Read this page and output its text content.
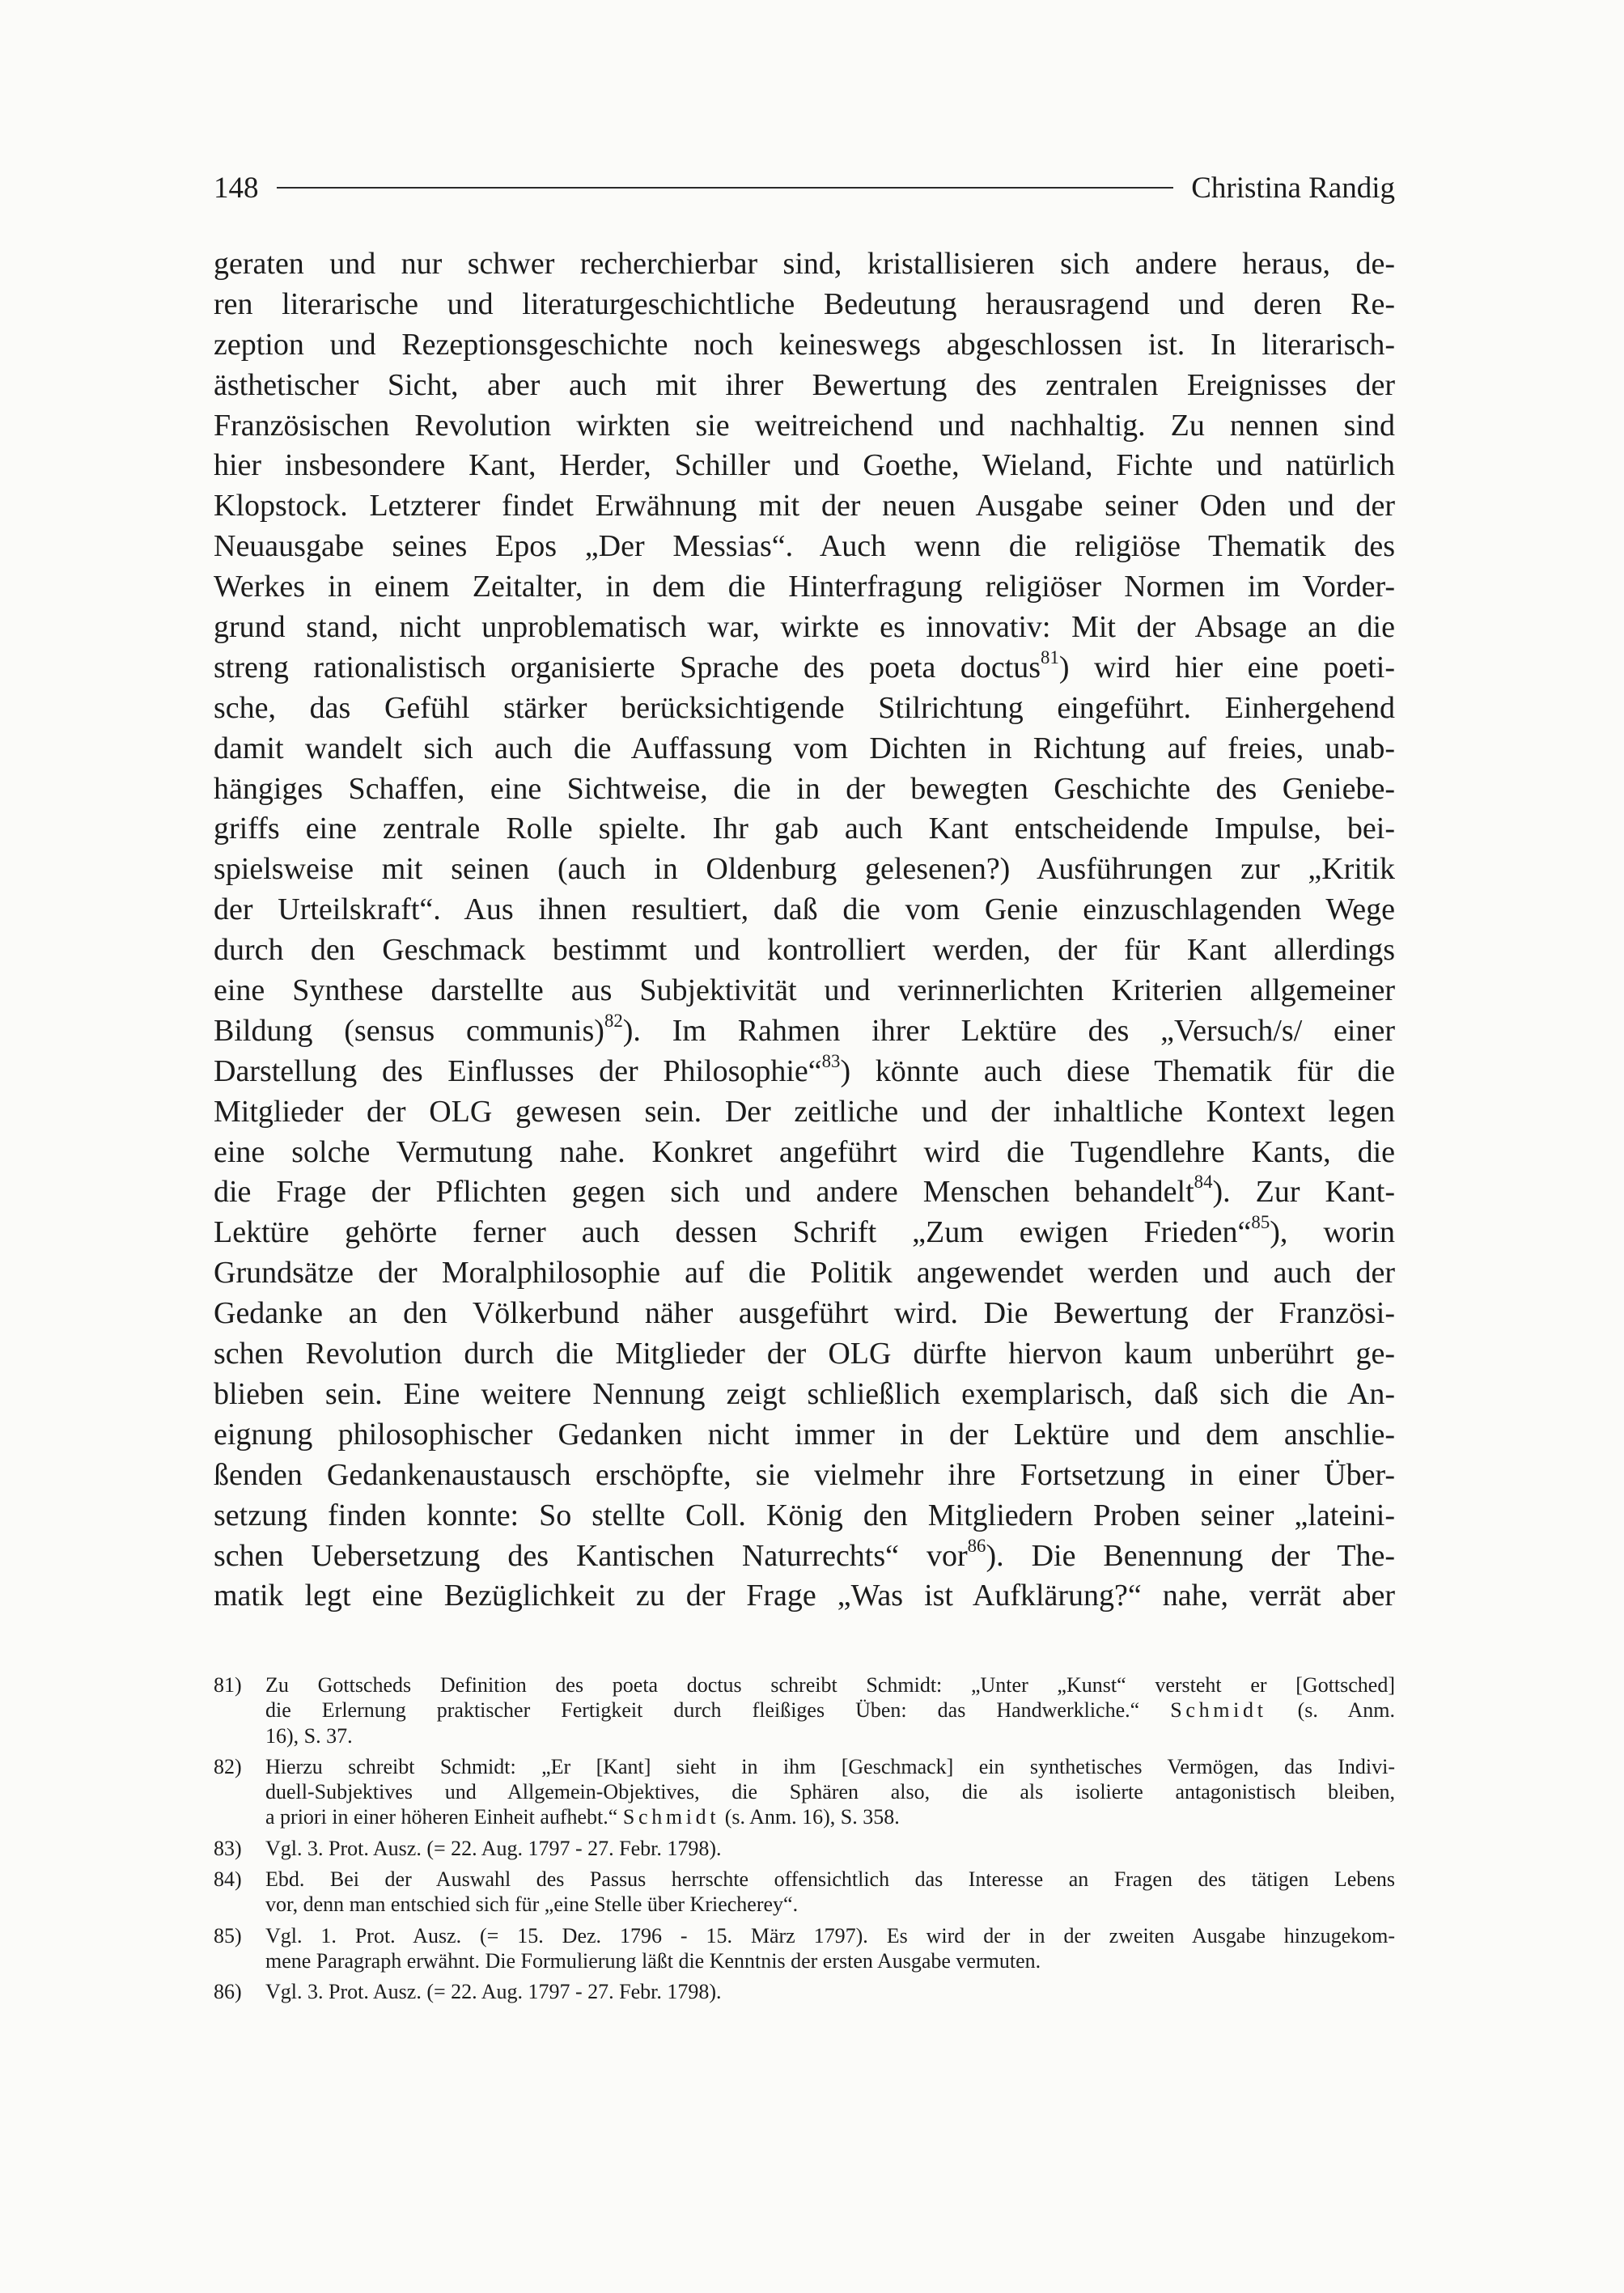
148	Christina Randig
geraten und nur schwer recherchierbar sind, kristallisieren sich andere heraus, de-
ren literarische und literaturgeschichtliche Bedeutung herausragend und deren Re-
zeption und Rezeptionsgeschichte noch keineswegs abgeschlossen ist. In literarisch-
ästhetischer Sicht, aber auch mit ihrer Bewertung des zentralen Ereignisses der
Französischen Revolution wirkten sie weitreichend und nachhaltig. Zu nennen sind
hier insbesondere Kant, Herder, Schiller und Goethe, Wieland, Fichte und natürlich
Klopstock. Letzterer findet Erwähnung mit der neuen Ausgabe seiner Oden und der
Neuausgabe seines Epos „Der Messias“. Auch wenn die religiöse Thematik des
Werkes in einem Zeitalter, in dem die Hinterfragung religiöser Normen im Vorder-
grund stand, nicht unproblematisch war, wirkte es innovativ: Mit der Absage an die
streng rationalistisch organisierte Sprache des poeta doctus$^{81}$) wird hier eine poeti-
sche, das Gefühl stärker berücksichtigende Stilrichtung eingeführt. Einhergehend
damit wandelt sich auch die Auffassung vom Dichten in Richtung auf freies, unab-
hängiges Schaffen, eine Sichtweise, die in der bewegten Geschichte des Geniebe-
griffs eine zentrale Rolle spielte. Ihr gab auch Kant entscheidende Impulse, bei-
spielsweise mit seinen (auch in Oldenburg gelesenen?) Ausführungen zur „Kritik
der Urteilskraft“. Aus ihnen resultiert, daß die vom Genie einzuschlagenden Wege
durch den Geschmack bestimmt und kontrolliert werden, der für Kant allerdings
eine Synthese darstellte aus Subjektivität und verinnerlichten Kriterien allgemeiner
Bildung (sensus communis)$^{82}$). Im Rahmen ihrer Lektüre des „Versuch/s/ einer
Darstellung des Einflusses der Philosophie“$^{83}$) könnte auch diese Thematik für die
Mitglieder der OLG gewesen sein. Der zeitliche und der inhaltliche Kontext legen
eine solche Vermutung nahe. Konkret angeführt wird die Tugendlehre Kants, die
die Frage der Pflichten gegen sich und andere Menschen behandelt$^{84}$). Zur Kant-
Lektüre gehörte ferner auch dessen Schrift „Zum ewigen Frieden“$^{85}$), worin
Grundsätze der Moralphilosophie auf die Politik angewendet werden und auch der
Gedanke an den Völkerbund näher ausgeführt wird. Die Bewertung der Französi-
schen Revolution durch die Mitglieder der OLG dürfte hiervon kaum unberührt ge-
blieben sein. Eine weitere Nennung zeigt schließlich exemplarisch, daß sich die An-
eignung philosophischer Gedanken nicht immer in der Lektüre und dem anschlie-
ßenden Gedankenaustausch erschöpfte, sie vielmehr ihre Fortsetzung in einer Über-
setzung finden konnte: So stellte Coll. König den Mitgliedern Proben seiner „lateini-
schen Uebersetzung des Kantischen Naturrechts“ vor$^{86}$). Die Benennung der The-
matik legt eine Bezüglichkeit zu der Frage „Was ist Aufklärung?“ nahe, verrät aber
81) Zu Gottscheds Definition des poeta doctus schreibt Schmidt: „Unter „Kunst“ versteht er [Gottsched]
die Erlernung praktischer Fertigkeit durch fleißiges Üben: das Handwerkliche.“ Schmidt (s. Anm.
16), S. 37.
82) Hierzu schreibt Schmidt: „Er [Kant] sieht in ihm [Geschmack] ein synthetisches Vermögen, das Indivi-
duell-Subjektives und Allgemein-Objektives, die Sphären also, die als isolierte antagonistisch bleiben,
a priori in einer höheren Einheit aufhebt.“ Schmidt (s. Anm. 16), S. 358.
83) Vgl. 3. Prot. Ausz. (= 22. Aug. 1797 - 27. Febr. 1798).
84) Ebd. Bei der Auswahl des Passus herrschte offensichtlich das Interesse an Fragen des tätigen Lebens
vor, denn man entschied sich für „eine Stelle über Kriecherey“.
85) Vgl. 1. Prot. Ausz. (= 15. Dez. 1796 - 15. März 1797). Es wird der in der zweiten Ausgabe hinzugekom-
mene Paragraph erwähnt. Die Formulierung läßt die Kenntnis der ersten Ausgabe vermuten.
86) Vgl. 3. Prot. Ausz. (= 22. Aug. 1797 - 27. Febr. 1798).
